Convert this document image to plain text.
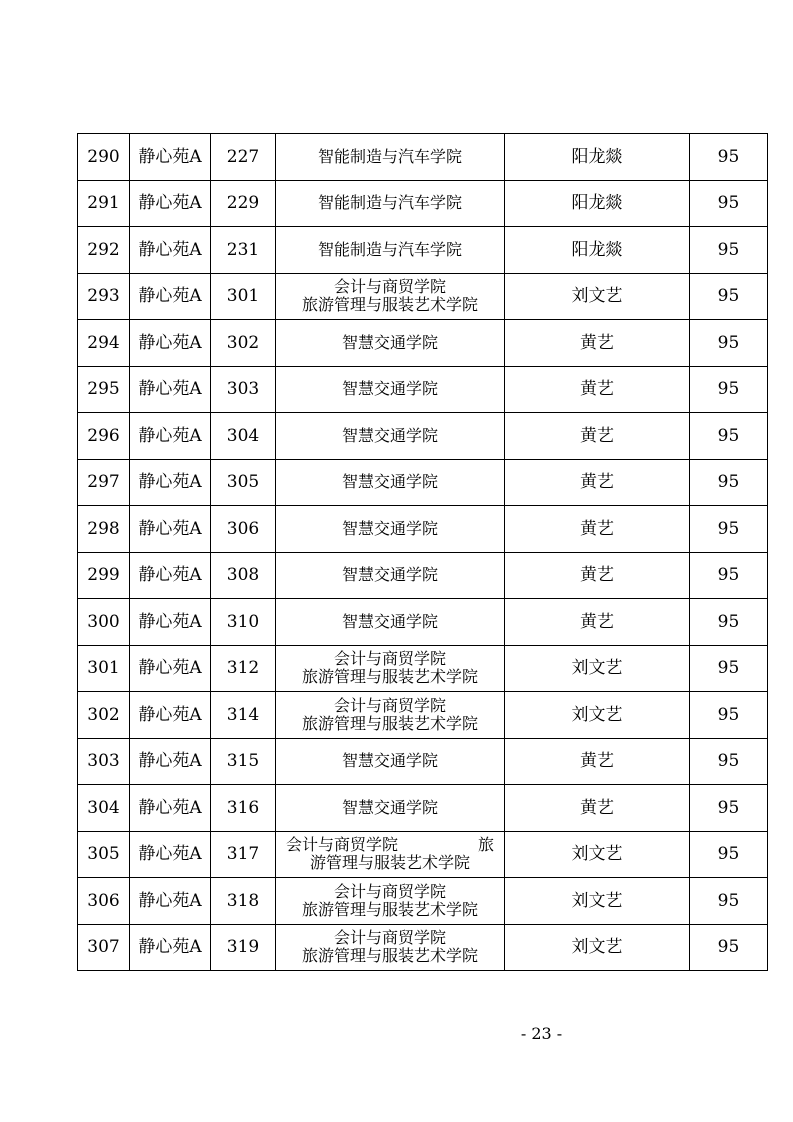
290	静心苑A	227	智能制造与汽车学院	阳龙燚	95
291	静心苑A	229	智能制造与汽车学院	阳龙燚	95
292	静心苑A	231	智能制造与汽车学院	阳龙燚	95
293	静心苑A	301	会计与商贸学院
旅游管理与服装艺术学院	刘文艺	95
294	静心苑A	302	智慧交通学院	黄艺	95
295	静心苑A	303	智慧交通学院	黄艺	95
296	静心苑A	304	智慧交通学院	黄艺	95
297	静心苑A	305	智慧交通学院	黄艺	95
298	静心苑A	306	智慧交通学院	黄艺	95
299	静心苑A	308	智慧交通学院	黄艺	95
300	静心苑A	310	智慧交通学院	黄艺	95
301	静心苑A	312	会计与商贸学院
旅游管理与服装艺术学院	刘文艺	95
302	静心苑A	314	会计与商贸学院
旅游管理与服装艺术学院	刘文艺	95
303	静心苑A	315	智慧交通学院	黄艺	95
304	静心苑A	316	智慧交通学院	黄艺	95
305	静心苑A	317	会计与商贸学院　　　　　旅
游管理与服装艺术学院	刘文艺	95
306	静心苑A	318	会计与商贸学院
旅游管理与服装艺术学院	刘文艺	95
307	静心苑A	319	会计与商贸学院
旅游管理与服装艺术学院	刘文艺	95
- 23 -
